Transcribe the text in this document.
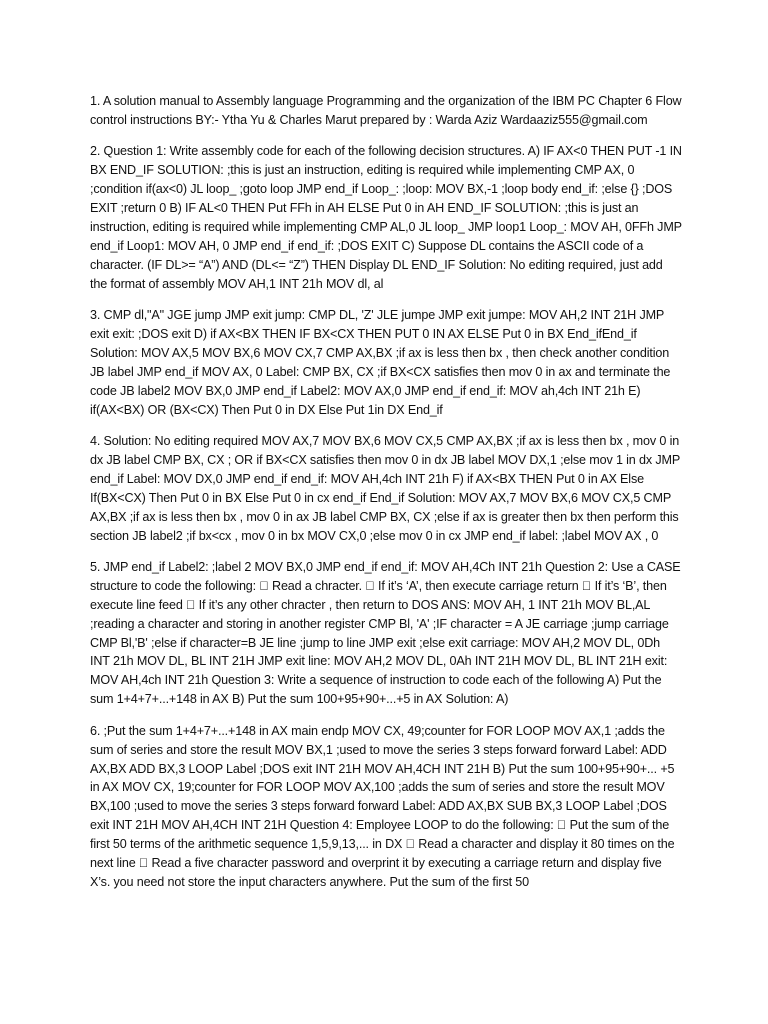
1. A solution manual to Assembly language Programming and the organization of the IBM PC Chapter 6 Flow control instructions BY:- Ytha Yu & Charles Marut prepared by : Warda Aziz Wardaaziz555@gmail.com

2. Question 1: Write assembly code for each of the following decision structures. A) IF AX<0 THEN PUT -1 IN BX END_IF SOLUTION: ;this is just an instruction, editing is required while implementing CMP AX, 0 ;condition if(ax<0) JL loop_ ;goto loop JMP end_if Loop_: ;loop: MOV BX,-1 ;loop body end_if: ;else {} ;DOS EXIT ;return 0 B) IF AL<0 THEN Put FFh in AH ELSE Put 0 in AH END_IF SOLUTION: ;this is just an instruction, editing is required while implementing CMP AL,0 JL loop_ JMP loop1 Loop_: MOV AH, 0FFh JMP end_if Loop1: MOV AH, 0 JMP end_if end_if: ;DOS EXIT C) Suppose DL contains the ASCII code of a character. (IF DL>= “A”) AND (DL<= “Z”) THEN Display DL END_IF Solution: No editing required, just add the format of assembly MOV AH,1 INT 21h MOV dl, al

3. CMP dl,"A" JGE jump JMP exit jump: CMP DL, 'Z' JLE jumpe JMP exit jumpe: MOV AH,2 INT 21H JMP exit exit: ;DOS exit D) if AX<BX THEN IF BX<CX THEN PUT 0 IN AX ELSE Put 0 in BX End_ifEnd_if Solution: MOV AX,5 MOV BX,6 MOV CX,7 CMP AX,BX ;if ax is less then bx , then check another condition JB label JMP end_if MOV AX, 0 Label: CMP BX, CX ;if BX<CX satisfies then mov 0 in ax and terminate the code JB label2 MOV BX,0 JMP end_if Label2: MOV AX,0 JMP end_if end_if: MOV ah,4ch INT 21h E) if(AX<BX) OR (BX<CX) Then Put 0 in DX Else Put 1in DX End_if

4. Solution: No editing required MOV AX,7 MOV BX,6 MOV CX,5 CMP AX,BX ;if ax is less then bx , mov 0 in dx JB label CMP BX, CX ; OR if BX<CX satisfies then mov 0 in dx JB label MOV DX,1 ;else mov 1 in dx JMP end_if Label: MOV DX,0 JMP end_if end_if: MOV AH,4ch INT 21h F) if AX<BX THEN Put 0 in AX Else If(BX<CX) Then Put 0 in BX Else Put 0 in cx end_if End_if Solution: MOV AX,7 MOV BX,6 MOV CX,5 CMP AX,BX ;if ax is less then bx , mov 0 in ax JB label CMP BX, CX ;else if ax is greater then bx then perform this section JB label2 ;if bx<cx , mov 0 in bx MOV CX,0 ;else mov 0 in cx JMP end_if label: ;label MOV AX , 0

5. JMP end_if Label2: ;label 2 MOV BX,0 JMP end_if end_if: MOV AH,4Ch INT 21h Question 2: Use a CASE structure to code the following: Read a chracter. If it’s ‘A’, then execute carriage return If it’s ‘B’, then execute line feed If it’s any other chracter , then return to DOS ANS: MOV AH, 1 INT 21h MOV BL,AL ;reading a character and storing in another register CMP Bl, 'A' ;IF character = A JE carriage ;jump carriage CMP Bl,'B' ;else if character=B JE line ;jump to line JMP exit ;else exit carriage: MOV AH,2 MOV DL, 0Dh INT 21h MOV DL, BL INT 21H JMP exit line: MOV AH,2 MOV DL, 0Ah INT 21H MOV DL, BL INT 21H exit: MOV AH,4ch INT 21h Question 3: Write a sequence of instruction to code each of the following A) Put the sum 1+4+7+...+148 in AX B) Put the sum 100+95+90+...+5 in AX Solution: A)

6. ;Put the sum 1+4+7+...+148 in AX main endp MOV CX, 49;counter for FOR LOOP MOV AX,1 ;adds the sum of series and store the result MOV BX,1 ;used to move the series 3 steps forward forward Label: ADD AX,BX ADD BX,3 LOOP Label ;DOS exit INT 21H MOV AH,4CH INT 21H B) Put the sum 100+95+90+... +5 in AX MOV CX, 19;counter for FOR LOOP MOV AX,100 ;adds the sum of series and store the result MOV BX,100 ;used to move the series 3 steps forward forward Label: ADD AX,BX SUB BX,3 LOOP Label ;DOS exit INT 21H MOV AH,4CH INT 21H Question 4: Employee LOOP to do the following: Put the sum of the first 50 terms of the arithmetic sequence 1,5,9,13,... in DX Read a character and display it 80 times on the next line Read a five character password and overprint it by executing a carriage return and display five X’s. you need not store the input characters anywhere. Put the sum of the first 50
